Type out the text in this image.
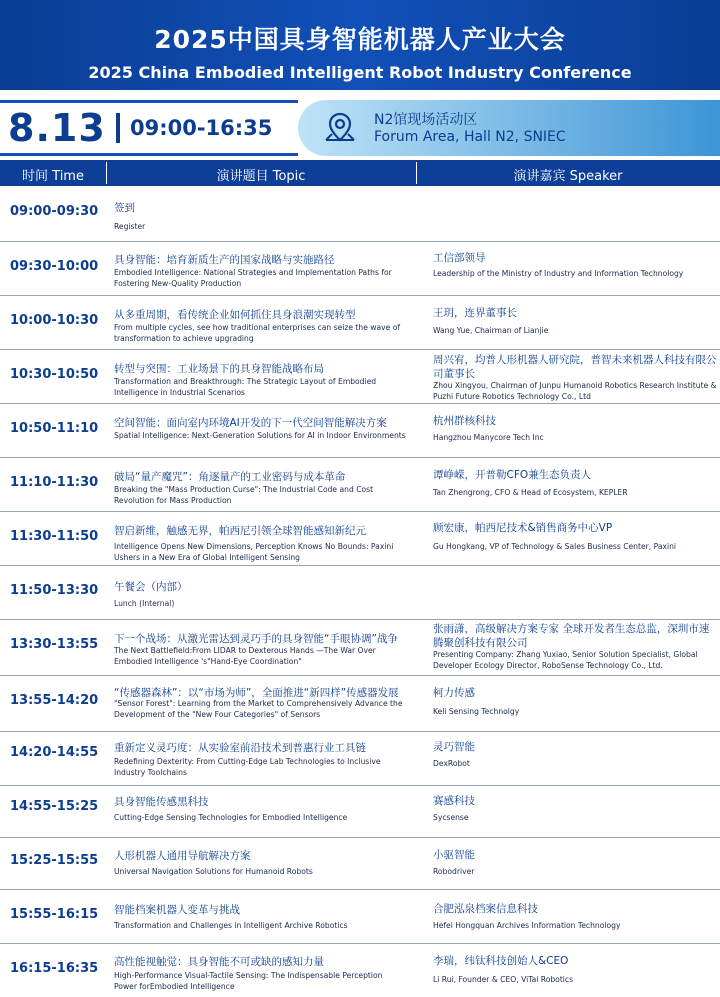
2025中国具身智能机器人产业大会
2025 China Embodied Intelligent Robot Industry Conference
8.13 09:00-16:35	N2馆现场活动区
Forum Area, Hall N2, SNIEC
时间 Time	演讲题目 Topic	演讲嘉宾 Speaker
09:00-09:30 签到
Register
09:30-10:00 具身智能：培育新质生产的国家战略与实施路径
Embodied Intelligence: National Strategies and Implementation Paths for Fostering New-Quality Production
工信部领导
Leadership of the Ministry of Industry and Information Technology
10:00-10:30 从多重周期，看传统企业如何抓住具身浪潮实现转型
From multiple cycles, see how traditional enterprises can seize the wave of transformation to achieve upgrading
王玥，连界董事长
Wang Yue, Chairman of Lianjie
10:30-10:50 转型与突围：工业场景下的具身智能战略布局
Transformation and Breakthrough: The Strategic Layout of Embodied Intelligence in Industrial Scenarios
周兴宥，均普人形机器人研究院，普智未来机器人科技有限公司董事长
Zhou Xingyou, Chairman of Junpu Humanoid Robotics Research Institute & Puzhi Future Robotics Technology Co., Ltd
10:50-11:10 空间智能：面向室内环境AI开发的下一代空间智能解决方案
Spatial Intelligence: Next-Generation Solutions for AI in Indoor Environments
杭州群核科技
Hangzhou Manycore Tech Inc
11:10-11:30 破局“量产魔咒”：角逐量产的工业密码与成本革命
Breaking the "Mass Production Curse": The Industrial Code and Cost Revolution for Mass Production
谭峥嵘，开普勒CFO兼生态负责人
Tan Zhengrong, CFO & Head of Ecosystem, KEPLER
11:30-11:50 智启新维，触感无界，帕西尼引领全球智能感知新纪元
Intelligence Opens New Dimensions, Perception Knows No Bounds: Paxini Ushers in a New Era of Global Intelligent Sensing
顾宏康，帕西尼技术&销售商务中心VP
Gu Hongkang, VP of Technology & Sales Business Center, Paxini
11:50-13:30 午餐会（内部）
Lunch (Internal)
13:30-13:55 下一个战场：从激光雷达到灵巧手的具身智能“手眼协调”战争
The Next Battlefield:From LIDAR to Dexterous Hands —The War Over Embodied Intelligence 's"Hand-Eye Coordination"
张雨潇，高级解决方案专家 全球开发者生态总监，深圳市速腾聚创科技有限公司
Presenting Company: Zhang Yuxiao, Senior Solution Specialist, Global Developer Ecology Director, RoboSense Technology Co., Ltd.
13:55-14:20 “传感器森林”：以“市场为师”，全面推进“新四样”传感器发展
"Sensor Forest": Learning from the Market to Comprehensively Advance the Development of the "New Four Categories" of Sensors
柯力传感
Keli Sensing Technolgy
14:20-14:55 重新定义灵巧度：从实验室前沿技术到普惠行业工具链
Redefining Dexterity: From Cutting-Edge Lab Technologies to Inclusive Industry Toolchains
灵巧智能
DexRobot
14:55-15:25 具身智能传感黑科技
Cutting-Edge Sensing Technologies for Embodied Intelligence
赛感科技
Sycsense
15:25-15:55 人形机器人通用导航解决方案
Universal Navigation Solutions for Humanoid Robots
小驱智能
Robodriver
15:55-16:15 智能档案机器人变革与挑战
Transformation and Challenges in Intelligent Archive Robotics
合肥泓泉档案信息科技
Hefei Hongquan Archives Information Technology
16:15-16:35 高性能视触觉：具身智能不可或缺的感知力量
High-Performance Visual-Tactile Sensing: The Indispensable Perception Power forEmbodied Intelligence
李瑞，纬钛科技创始人&CEO
Li Rui, Founder & CEO, ViTai Robotics
